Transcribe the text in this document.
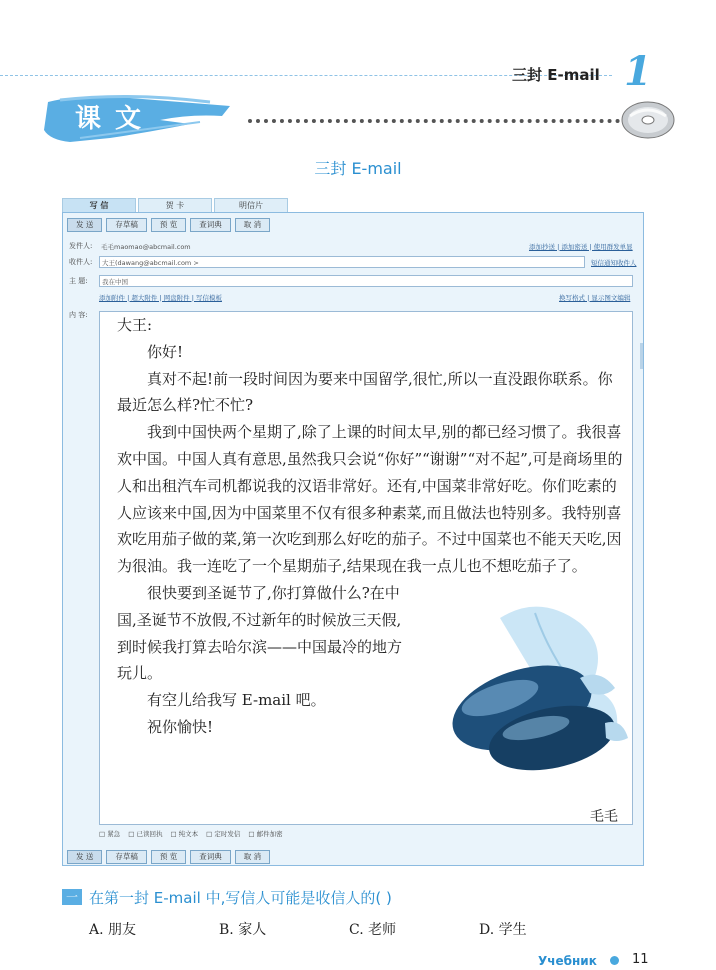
三封 E-mail 1
课文
三封 E-mail
写 信	贺 卡	明信片
发 送	存草稿	预 览	查词典	取 消
发件人: 毛毛maomao@abcmail.com	添加抄送 | 添加密送 | 使用群发单显
收件人: 大王(dawang@abcmail.com >	短信通知收件人
主 题: 我在中国
添加附件 | 超大附件 | 网盘附件 | 写信模板	换写格式 | 显示图文编辑
内 容:
□ 紧急	□ 已读回执	□ 纯文本	□ 定时发信	□ 邮件加密
发 送	存草稿	预 览	查词典	取 消

大王:

你好!

真对不起!前一段时间因为要来中国留学,很忙,所以一直没跟你联系。你最近怎么样?忙不忙?

我到中国快两个星期了,除了上课的时间太早,别的都已经习惯了。我很喜欢中国。中国人真有意思,虽然我只会说“你好”“谢谢”“对不起”,可是商场里的人和出租汽车司机都说我的汉语非常好。还有,中国菜非常好吃。你们吃素的人应该来中国,因为中国菜里不仅有很多种素菜,而且做法也特别多。我特别喜欢吃用茄子做的菜,第一次吃到那么好吃的茄子。不过中国菜也不能天天吃,因为很油。我一连吃了一个星期茄子,结果现在我一点儿也不想吃茄子了。

很快要到圣诞节了,你打算做什么?在中国,圣诞节不放假,不过新年的时候放三天假,到时候我打算去哈尔滨——中国最冷的地方玩儿。

有空儿给我写 E-mail 吧。

祝你愉快!

毛毛
一 在第一封 E-mail 中,写信人可能是收信人的( )
A. 朋友	B. 家人	C. 老师	D. 学生
Учебник	11
